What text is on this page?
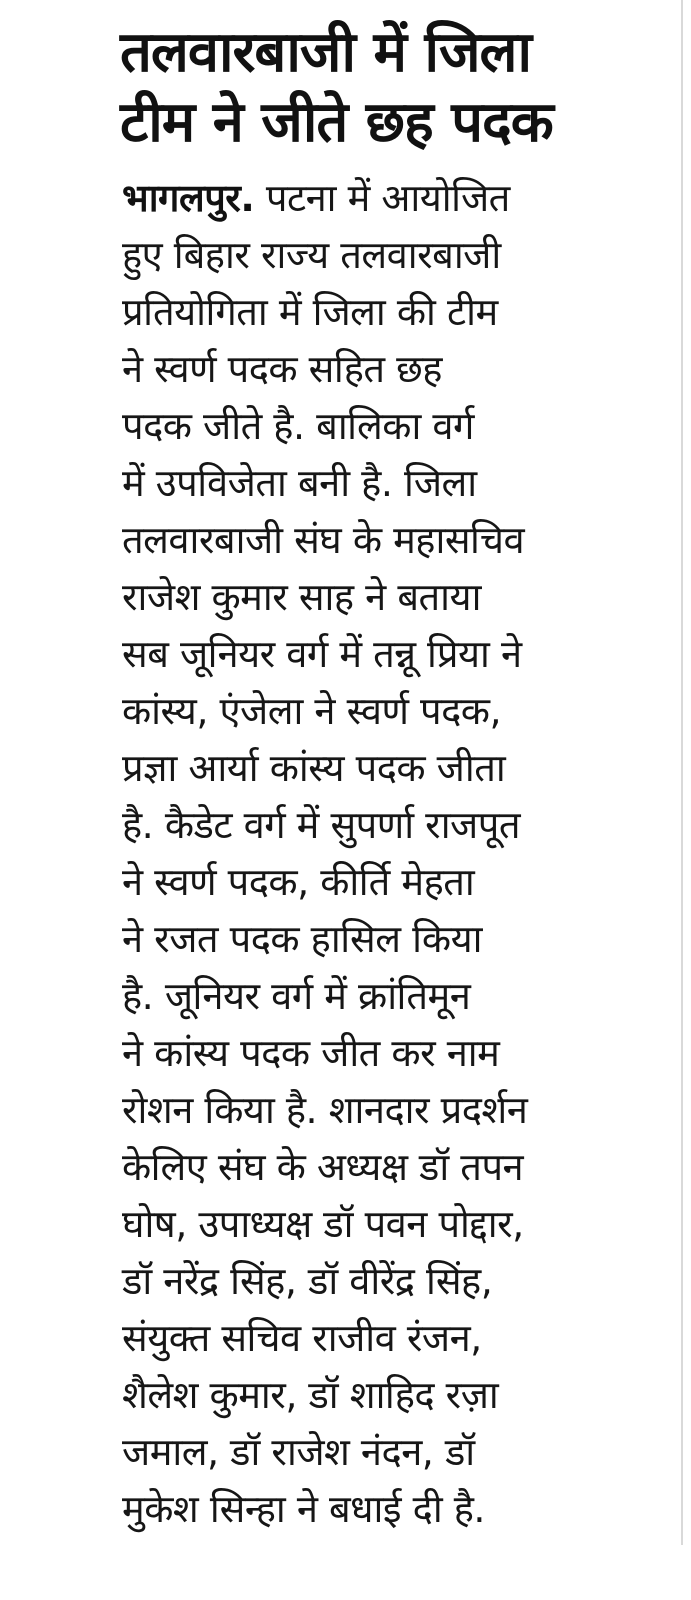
तलवारबाजी में जिला
टीम ने जीते छह पदक
भागलपुर. पटना में आयोजित
हुए बिहार राज्य तलवारबाजी
प्रतियोगिता में जिला की टीम
ने स्वर्ण पदक सहित छह
पदक जीते है. बालिका वर्ग
में उपविजेता बनी है. जिला
तलवारबाजी संघ के महासचिव
राजेश कुमार साह ने बताया
सब जूनियर वर्ग में तन्नू प्रिया ने
कांस्य, एंजेला ने स्वर्ण पदक,
प्रज्ञा आर्या कांस्य पदक जीता
है. कैडेट वर्ग में सुपर्णा राजपूत
ने स्वर्ण पदक, कीर्ति मेहता
ने रजत पदक हासिल किया
है. जूनियर वर्ग में क्रांतिमून
ने कांस्य पदक जीत कर नाम
रोशन किया है. शानदार प्रदर्शन
केलिए संघ के अध्यक्ष डॉ तपन
घोष, उपाध्यक्ष डॉ पवन पोद्दार,
डॉ नरेंद्र सिंह, डॉ वीरेंद्र सिंह,
संयुक्त सचिव राजीव रंजन,
शैलेश कुमार, डॉ शाहिद रज़ा
जमाल, डॉ राजेश नंदन, डॉ
मुकेश सिन्हा ने बधाई दी है.
